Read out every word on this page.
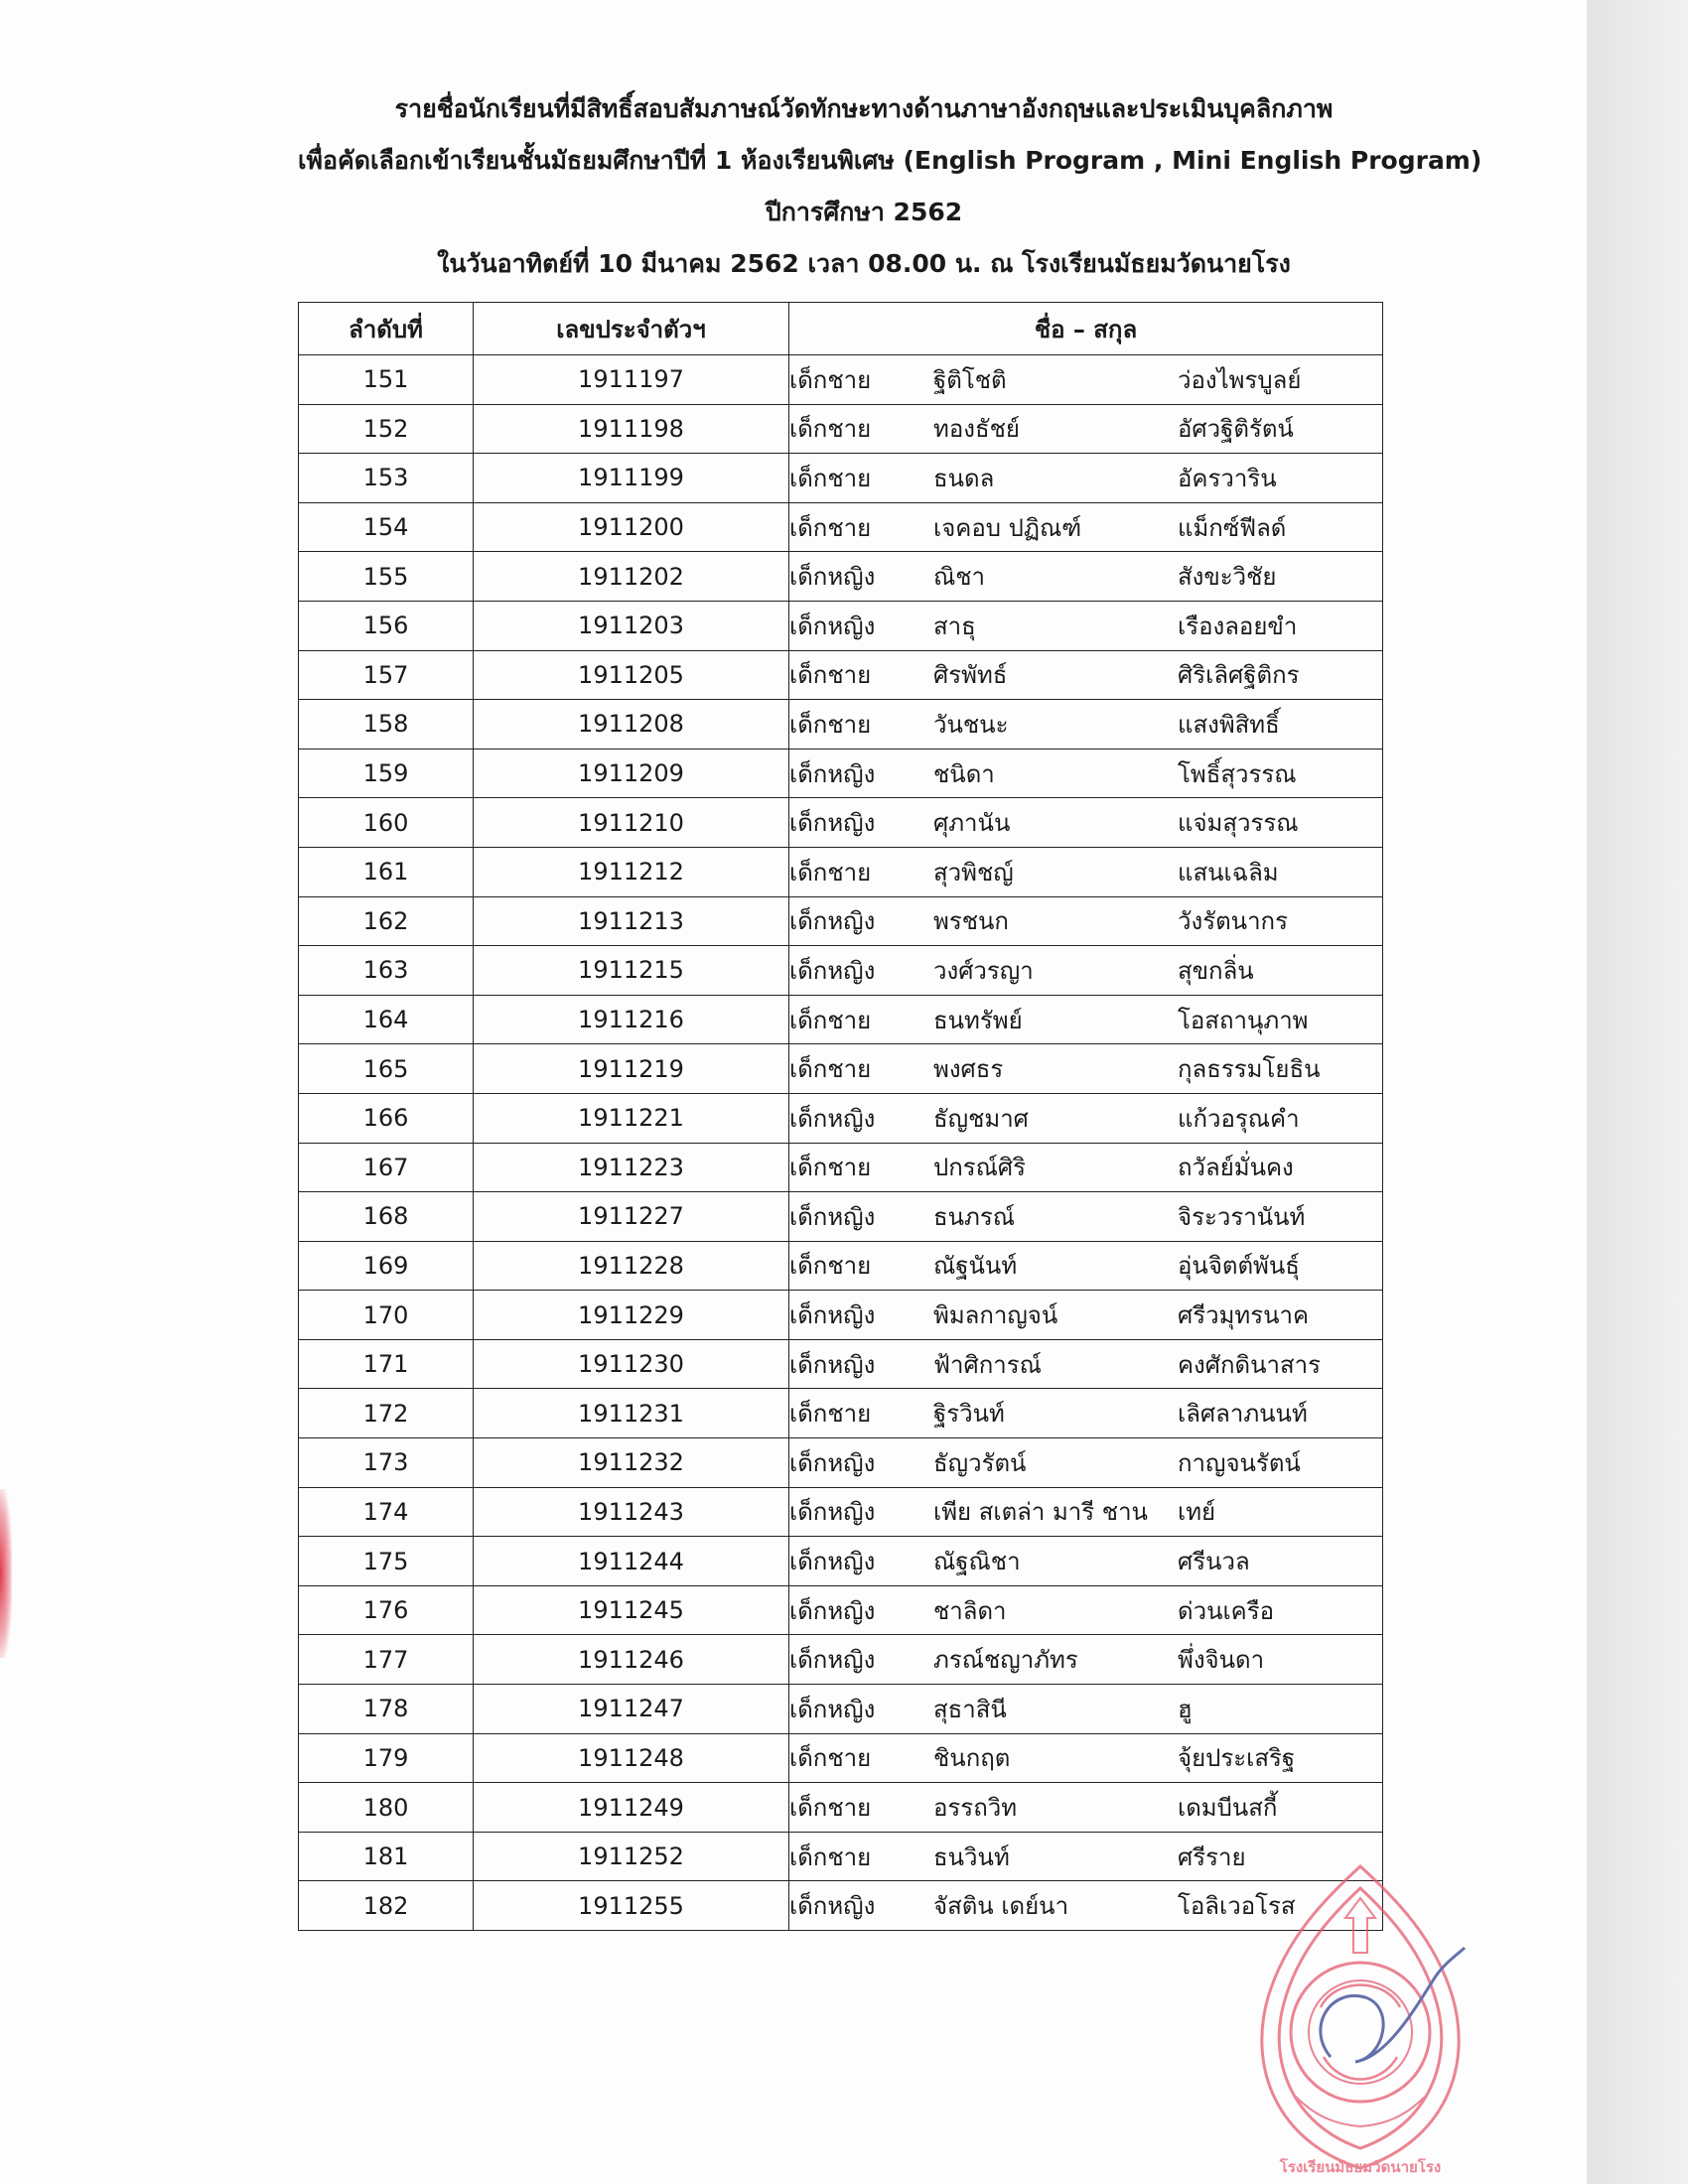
รายชื่อนักเรียนที่มีสิทธิ์สอบสัมภาษณ์วัดทักษะทางด้านภาษาอังกฤษและประเมินบุคลิกภาพ
เพื่อคัดเลือกเข้าเรียนชั้นมัธยมศึกษาปีที่ 1 ห้องเรียนพิเศษ (English Program , Mini English Program)
ปีการศึกษา 2562
ในวันอาทิตย์ที่ 10 มีนาคม 2562 เวลา 08.00 น. ณ โรงเรียนมัธยมวัดนายโรง
ลำดับที่	เลขประจำตัวฯ	ชื่อ – สกุล
151	1911197	เด็กชาย ฐิติโชติ ว่องไพรบูลย์
152	1911198	เด็กชาย ทองธัชย์ อัศวฐิติรัตน์
153	1911199	เด็กชาย ธนดล อัครวาริน
154	1911200	เด็กชาย เจคอบ ปฏิณฑ์ แม็กซ์ฟีลด์
155	1911202	เด็กหญิง ณิชา สังขะวิชัย
156	1911203	เด็กหญิง สาธุ เรืองลอยขำ
157	1911205	เด็กชาย ศิรพัทธ์ ศิริเลิศฐิติกร
158	1911208	เด็กชาย วันชนะ แสงพิสิทธิ์
159	1911209	เด็กหญิง ชนิดา โพธิ์สุวรรณ
160	1911210	เด็กหญิง ศุภานัน แจ่มสุวรรณ
161	1911212	เด็กชาย สุวพิชญ์ แสนเฉลิม
162	1911213	เด็กหญิง พรชนก วังรัตนากร
163	1911215	เด็กหญิง วงศ์วรญา สุขกลิ่น
164	1911216	เด็กชาย ธนทรัพย์ โอสถานุภาพ
165	1911219	เด็กชาย พงศธร กุลธรรมโยธิน
166	1911221	เด็กหญิง ธัญชมาศ แก้วอรุณคำ
167	1911223	เด็กชาย ปกรณ์ศิริ ถวัลย์มั่นคง
168	1911227	เด็กหญิง ธนภรณ์ จิระวรานันท์
169	1911228	เด็กชาย ณัฐนันท์ อุ่นจิตต์พันธ์ุ
170	1911229	เด็กหญิง พิมลกาญจน์ ศรีวมุทรนาค
171	1911230	เด็กหญิง ฟ้าศิการณ์ คงศักดินาสาร
172	1911231	เด็กชาย ฐิรวินท์ เลิศลาภนนท์
173	1911232	เด็กหญิง ธัญวรัตน์ กาญจนรัตน์
174	1911243	เด็กหญิง เพีย สเตล่า มารี ชาน เทย์
175	1911244	เด็กหญิง ณัฐณิชา ศรีนวล
176	1911245	เด็กหญิง ชาลิดา ด่วนเครือ
177	1911246	เด็กหญิง ภรณ์ชญาภัทร พึ่งจินดา
178	1911247	เด็กหญิง สุธาสินี ฮู
179	1911248	เด็กชาย ชินกฤต จุ้ยประเสริฐ
180	1911249	เด็กชาย อรรถวิท เดมบีนสกี้
181	1911252	เด็กชาย ธนวินท์ ศรีราย
182	1911255	เด็กหญิง จัสติน เดย์นา โอลิเวอโรส
โรงเรียนมัธยมวัดนายโรง
